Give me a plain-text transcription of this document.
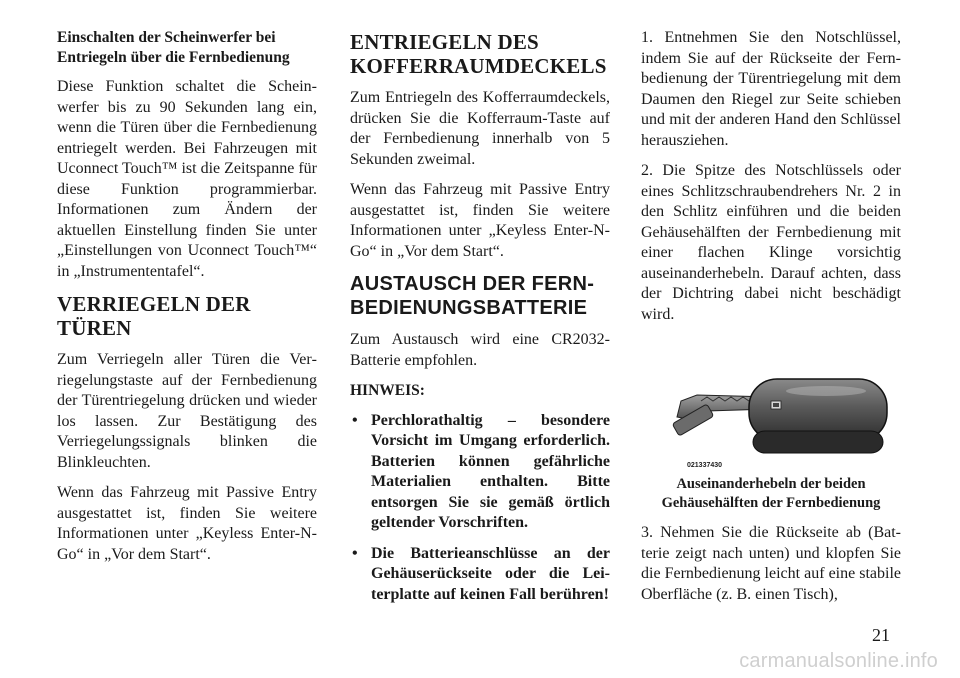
Einschalten der Scheinwerfer bei Entriegeln über die Fernbedienung

Diese Funktion schaltet die Scheinwerfer bis zu 90 Sekunden lang ein, wenn die Türen über die Fernbedienung entriegelt werden. Bei Fahrzeugen mit Uconnect Touch™ ist die Zeitspanne für diese Funktion programmierbar. Informationen zum Ändern der aktuellen Einstellung finden Sie unter „Einstellungen von Uconnect Touch™“ in „Instrumententafel“.

VERRIEGELN DER TÜREN

Zum Verriegeln aller Türen die Verriegelungstaste auf der Fernbedienung der Türentriegelung drücken und wieder los lassen. Zur Bestätigung des Verriegelungssignals blinken die Blinkleuchten.

Wenn das Fahrzeug mit Passive Entry ausgestattet ist, finden Sie weitere Informationen unter „Keyless Enter-N-Go“ in „Vor dem Start“.

ENTRIEGELN DES KOFFERRAUMDECKELS

Zum Entriegeln des Kofferraumdeckels, drücken Sie die Kofferraum-Taste auf der Fernbedienung innerhalb von 5 Sekunden zweimal.

Wenn das Fahrzeug mit Passive Entry ausgestattet ist, finden Sie weitere Informationen unter „Keyless Enter-N-Go“ in „Vor dem Start“.

AUSTAUSCH DER FERNBEDIENUNGSBATTERIE

Zum Austausch wird eine CR2032-Batterie empfohlen.

HINWEIS:

• Perchlorathaltig – besondere Vorsicht im Umgang erforderlich. Batterien können gefährliche Materialien enthalten. Bitte entsorgen Sie sie gemäß örtlich geltender Vorschriften.
• Die Batterieanschlüsse an der Gehäuserückseite oder die Leiterplatte auf keinen Fall berühren!

1. Entnehmen Sie den Notschlüssel, indem Sie auf der Rückseite der Fernbedienung der Türentriegelung mit dem Daumen den Riegel zur Seite schieben und mit der anderen Hand den Schlüssel herausziehen.

2. Die Spitze des Notschlüssels oder eines Schlitzschraubendrehers Nr. 2 in den Schlitz einführen und die beiden Gehäusehälften der Fernbedienung mit einer flachen Klinge vorsichtig auseinanderhebeln. Darauf achten, dass der Dichtring dabei nicht beschädigt wird.

021337430

Auseinanderhebeln der beiden Gehäusehälften der Fernbedienung

3. Nehmen Sie die Rückseite ab (Batterie zeigt nach unten) und klopfen Sie die Fernbedienung leicht auf eine stabile Oberfläche (z. B. einen Tisch),

21
carmanualsonline.info
